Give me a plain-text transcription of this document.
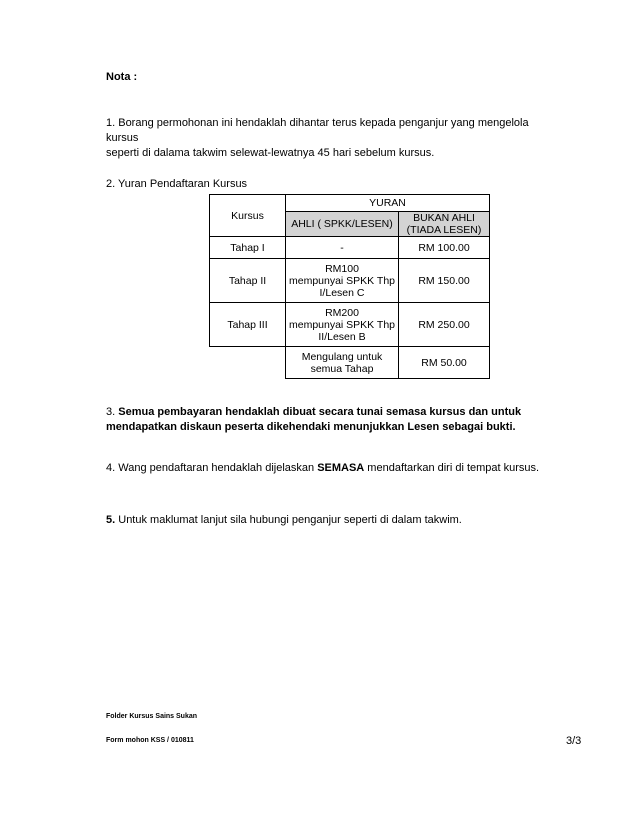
Nota :
1. Borang permohonan ini hendaklah dihantar terus kepada penganjur yang mengelola kursus
seperti di dalama takwim selewat-lewatnya 45 hari sebelum kursus.
2. Yuran Pendaftaran Kursus
Kursus	YURAN	
	AHLI ( SPKK/LESEN)	BUKAN AHLI
(TIADA LESEN)

Tahap I	-	RM 100.00
Tahap II	RM100
mempunyai SPKK Thp
I/Lesen C	RM 150.00
Tahap III	RM200
mempunyai SPKK Thp
II/Lesen B	RM 250.00

	Mengulang untuk
semua Tahap	RM 50.00
3. Semua pembayaran hendaklah dibuat secara tunai semasa kursus dan untuk
mendapatkan diskaun peserta dikehendaki menunjukkan Lesen sebagai bukti.
4. Wang pendaftaran hendaklah dijelaskan SEMASA mendaftarkan diri di tempat kursus.
5. Untuk maklumat lanjut sila hubungi penganjur seperti di dalam takwim.
Folder Kursus Sains Sukan
Form mohon KSS / 010811	3/3
